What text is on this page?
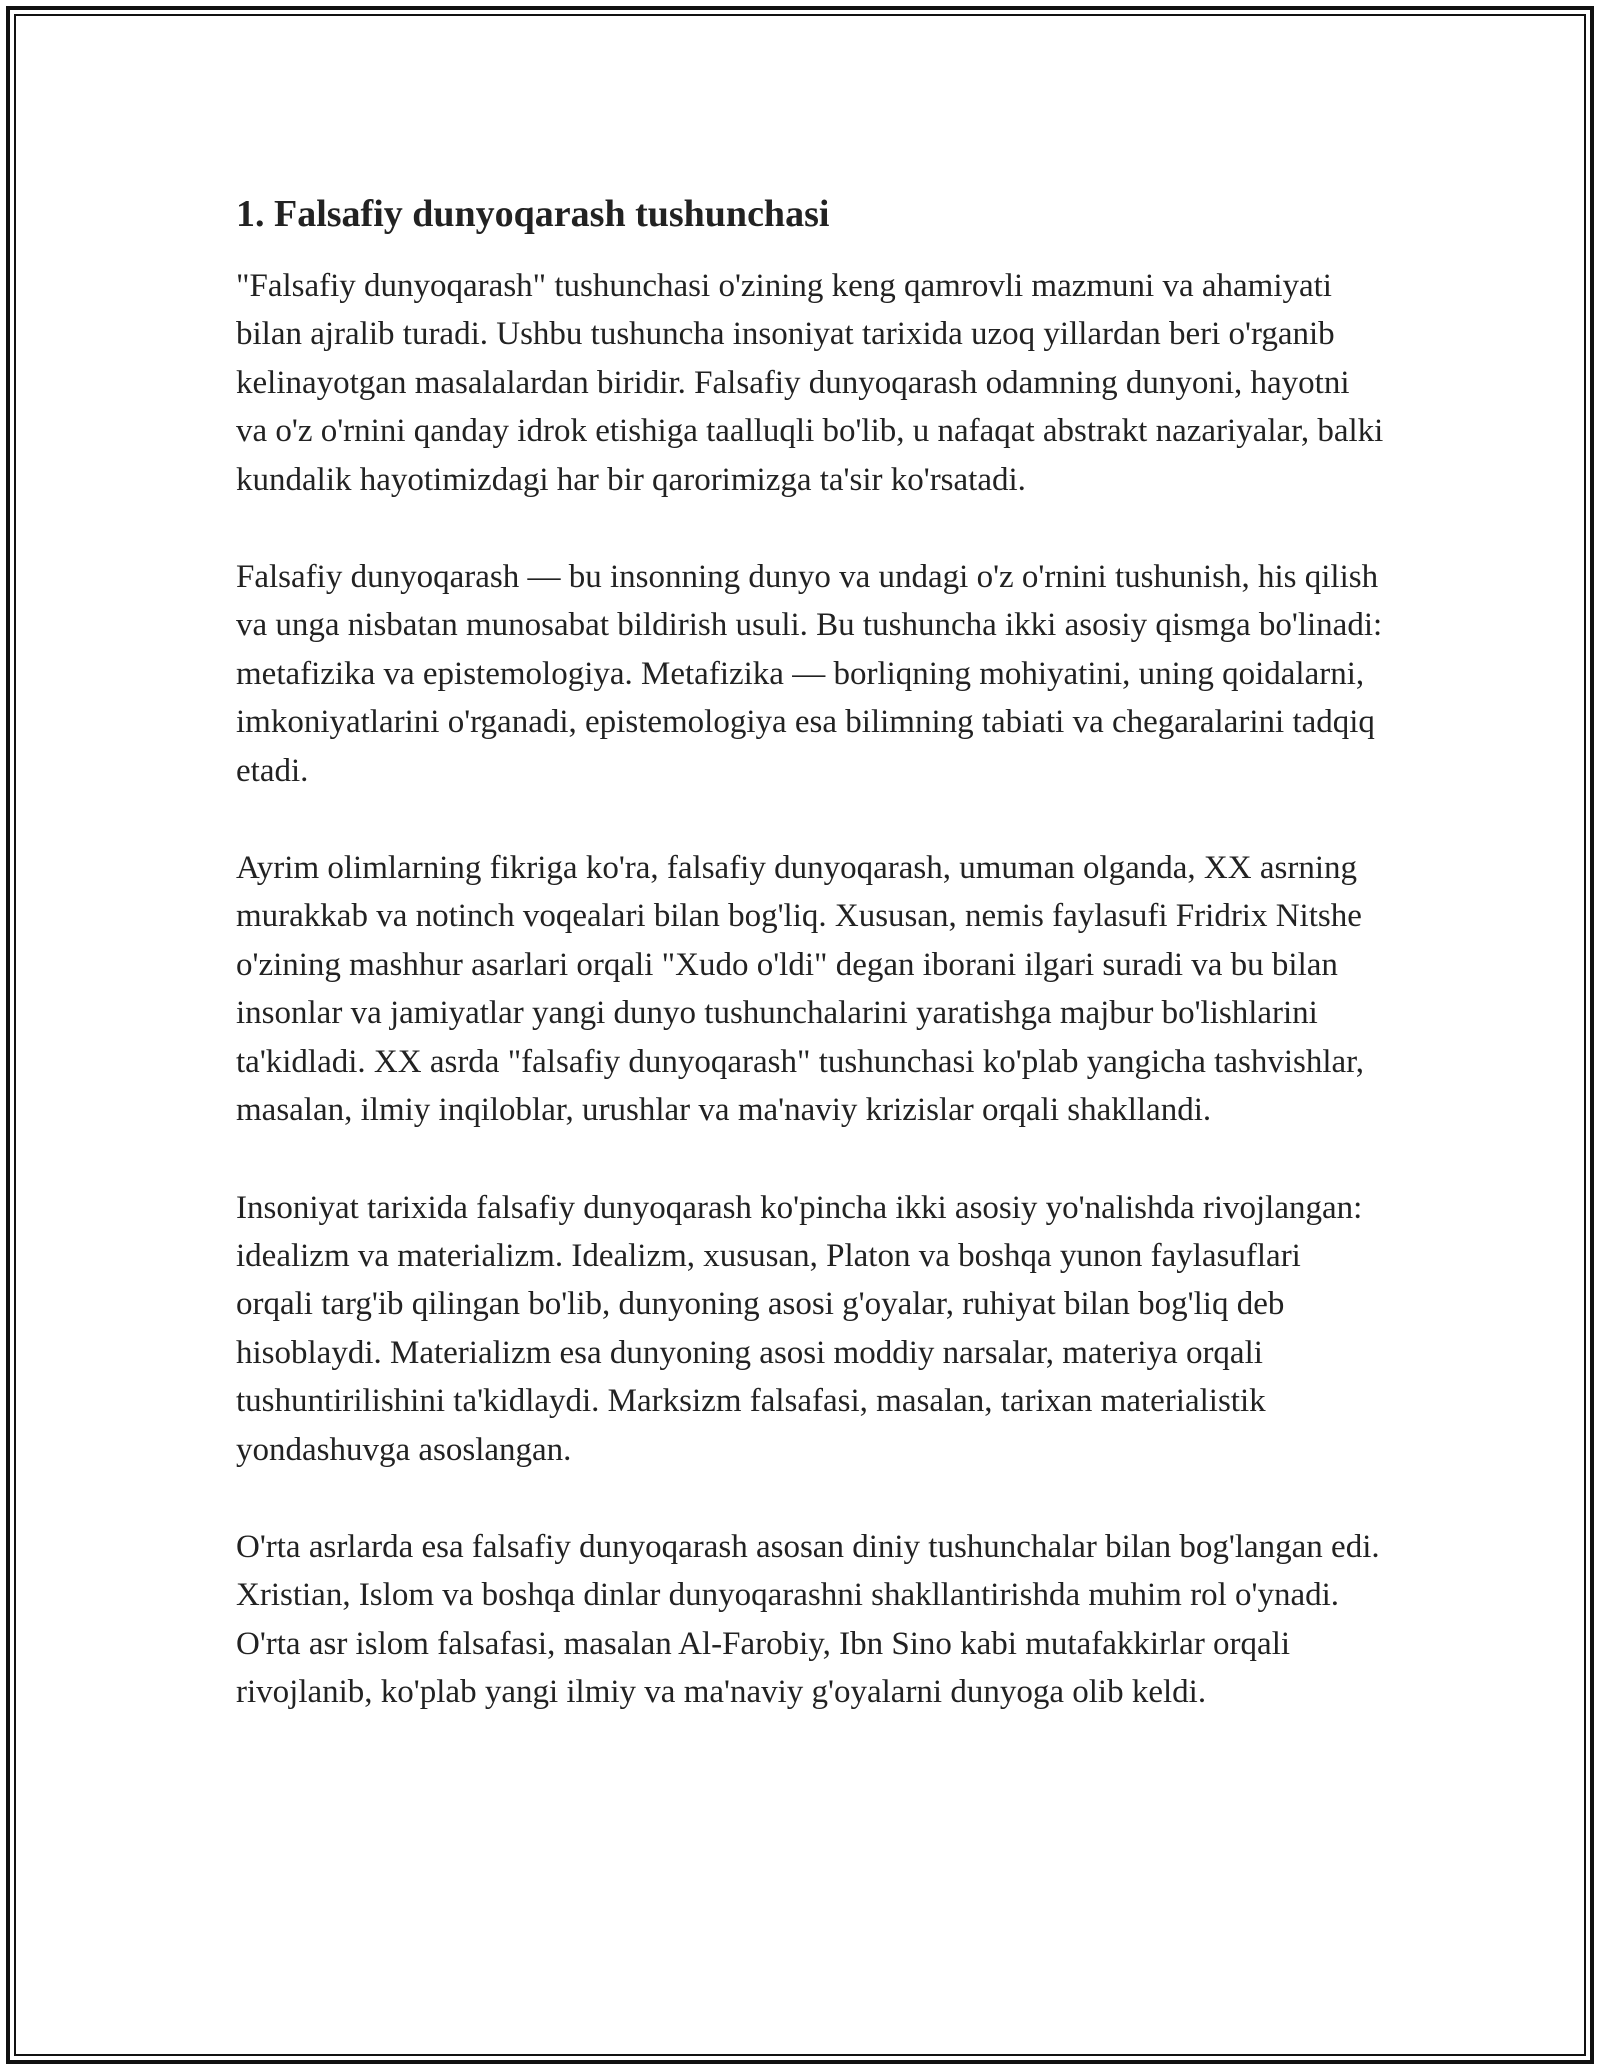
1. Falsafiy dunyoqarash tushunchasi

"Falsafiy dunyoqarash" tushunchasi o'zining keng qamrovli mazmuni va ahamiyati bilan ajralib turadi. Ushbu tushuncha insoniyat tarixida uzoq yillardan beri o'rganib kelinayotgan masalalardan biridir. Falsafiy dunyoqarash odamning dunyoni, hayotni va o'z o'rnini qanday idrok etishiga taalluqli bo'lib, u nafaqat abstrakt nazariyalar, balki kundalik hayotimizdagi har bir qarorimizga ta'sir ko'rsatadi.

Falsafiy dunyoqarash — bu insonning dunyo va undagi o'z o'rnini tushunish, his qilish va unga nisbatan munosabat bildirish usuli. Bu tushuncha ikki asosiy qismga bo'linadi: metafizika va epistemologiya. Metafizika — borliqning mohiyatini, uning qoidalarni, imkoniyatlarini o'rganadi, epistemologiya esa bilimning tabiati va chegaralarini tadqiq etadi.

Ayrim olimlarning fikriga ko'ra, falsafiy dunyoqarash, umuman olganda, XX asrning murakkab va notinch voqealari bilan bog'liq. Xususan, nemis faylasufi Fridrix Nitshe o'zining mashhur asarlari orqali "Xudo o'ldi" degan iborani ilgari suradi va bu bilan insonlar va jamiyatlar yangi dunyo tushunchalarini yaratishga majbur bo'lishlarini ta'kidladi. XX asrda "falsafiy dunyoqarash" tushunchasi ko'plab yangicha tashvishlar, masalan, ilmiy inqiloblar, urushlar va ma'naviy krizislar orqali shakllandi.

Insoniyat tarixida falsafiy dunyoqarash ko'pincha ikki asosiy yo'nalishda rivojlangan: idealizm va materializm. Idealizm, xususan, Platon va boshqa yunon faylasuflari orqali targ'ib qilingan bo'lib, dunyoning asosi g'oyalar, ruhiyat bilan bog'liq deb hisoblaydi. Materializm esa dunyoning asosi moddiy narsalar, materiya orqali tushuntirilishini ta'kidlaydi. Marksizm falsafasi, masalan, tarixan materialistik yondashuvga asoslangan.

O'rta asrlarda esa falsafiy dunyoqarash asosan diniy tushunchalar bilan bog'langan edi. Xristian, Islom va boshqa dinlar dunyoqarashni shakllantirishda muhim rol o'ynadi. O'rta asr islom falsafasi, masalan Al-Farobiy, Ibn Sino kabi mutafakkirlar orqali rivojlanib, ko'plab yangi ilmiy va ma'naviy g'oyalarni dunyoga olib keldi.
